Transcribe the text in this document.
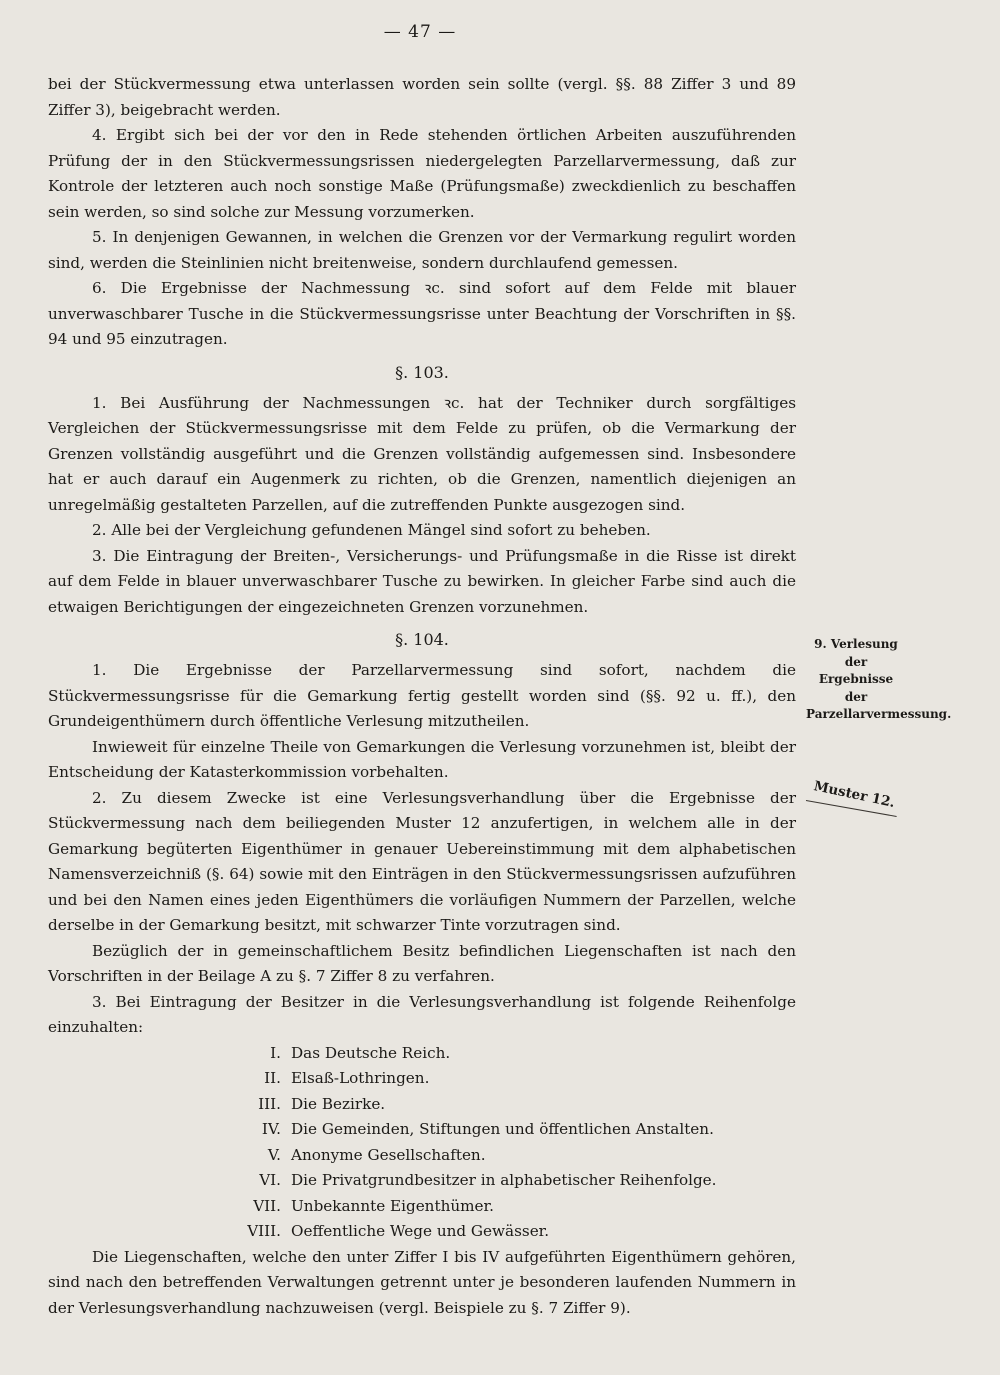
— 47 —

bei der Stückvermessung etwa unterlassen worden sein sollte (vergl. §§. 88 Ziffer 3 und 89 Ziffer 3), beigebracht werden.

4. Ergibt sich bei der vor den in Rede stehenden örtlichen Arbeiten auszuführenden Prüfung der in den Stückvermessungsrissen niedergelegten Parzellarvermessung, daß zur Kontrole der letzteren auch noch sonstige Maße (Prüfungsmaße) zweckdienlich zu beschaffen sein werden, so sind solche zur Messung vorzumerken.

5. In denjenigen Gewannen, in welchen die Grenzen vor der Vermarkung regulirt worden sind, werden die Steinlinien nicht breitenweise, sondern durchlaufend gemessen.

6. Die Ergebnisse der Nachmessung ꝛc. sind sofort auf dem Felde mit blauer unverwaschbarer Tusche in die Stückvermessungsrisse unter Beachtung der Vorschriften in §§. 94 und 95 einzutragen.

§. 103.

1. Bei Ausführung der Nachmessungen ꝛc. hat der Techniker durch sorgfältiges Vergleichen der Stückvermessungsrisse mit dem Felde zu prüfen, ob die Vermarkung der Grenzen vollständig ausgeführt und die Grenzen vollständig aufgemessen sind. Insbesondere hat er auch darauf ein Augenmerk zu richten, ob die Grenzen, namentlich diejenigen an unregelmäßig gestalteten Parzellen, auf die zutreffenden Punkte ausgezogen sind.

2. Alle bei der Vergleichung gefundenen Mängel sind sofort zu beheben.

3. Die Eintragung der Breiten-, Versicherungs- und Prüfungsmaße in die Risse ist direkt auf dem Felde in blauer unverwaschbarer Tusche zu bewirken. In gleicher Farbe sind auch die etwaigen Berichtigungen der eingezeichneten Grenzen vorzunehmen.

§. 104.

1. Die Ergebnisse der Parzellarvermessung sind sofort, nachdem die Stückvermessungsrisse für die Gemarkung fertig gestellt worden sind (§§. 92 u. ff.), den Grundeigenthümern durch öffentliche Verlesung mitzutheilen.

Inwieweit für einzelne Theile von Gemarkungen die Verlesung vorzunehmen ist, bleibt der Entscheidung der Katasterkommission vorbehalten.

2. Zu diesem Zwecke ist eine Verlesungsverhandlung über die Ergebnisse der Stückvermessung nach dem beiliegenden Muster 12 anzufertigen, in welchem alle in der Gemarkung begüterten Eigenthümer in genauer Uebereinstimmung mit dem alphabetischen Namensverzeichniß (§. 64) sowie mit den Einträgen in den Stückvermessungsrissen aufzuführen und bei den Namen eines jeden Eigenthümers die vorläufigen Nummern der Parzellen, welche derselbe in der Gemarkung besitzt, mit schwarzer Tinte vorzutragen sind.

Bezüglich der in gemeinschaftlichem Besitz befindlichen Liegenschaften ist nach den Vorschriften in der Beilage A zu §. 7 Ziffer 8 zu verfahren.

3. Bei Eintragung der Besitzer in die Verlesungsverhandlung ist folgende Reihenfolge einzuhalten:

I. Das Deutsche Reich.
II. Elsaß-Lothringen.
III. Die Bezirke.
IV. Die Gemeinden, Stiftungen und öffentlichen Anstalten.
V. Anonyme Gesellschaften.
VI. Die Privatgrundbesitzer in alphabetischer Reihenfolge.
VII. Unbekannte Eigenthümer.
VIII. Oeffentliche Wege und Gewässer.

Die Liegenschaften, welche den unter Ziffer I bis IV aufgeführten Eigenthümern gehören, sind nach den betreffenden Verwaltungen getrennt unter je besonderen laufenden Nummern in der Verlesungsverhandlung nachzuweisen (vergl. Beispiele zu §. 7 Ziffer 9).

9. Verlesung der Ergebnisse der Parzellarvermessung.
Muster 12.
